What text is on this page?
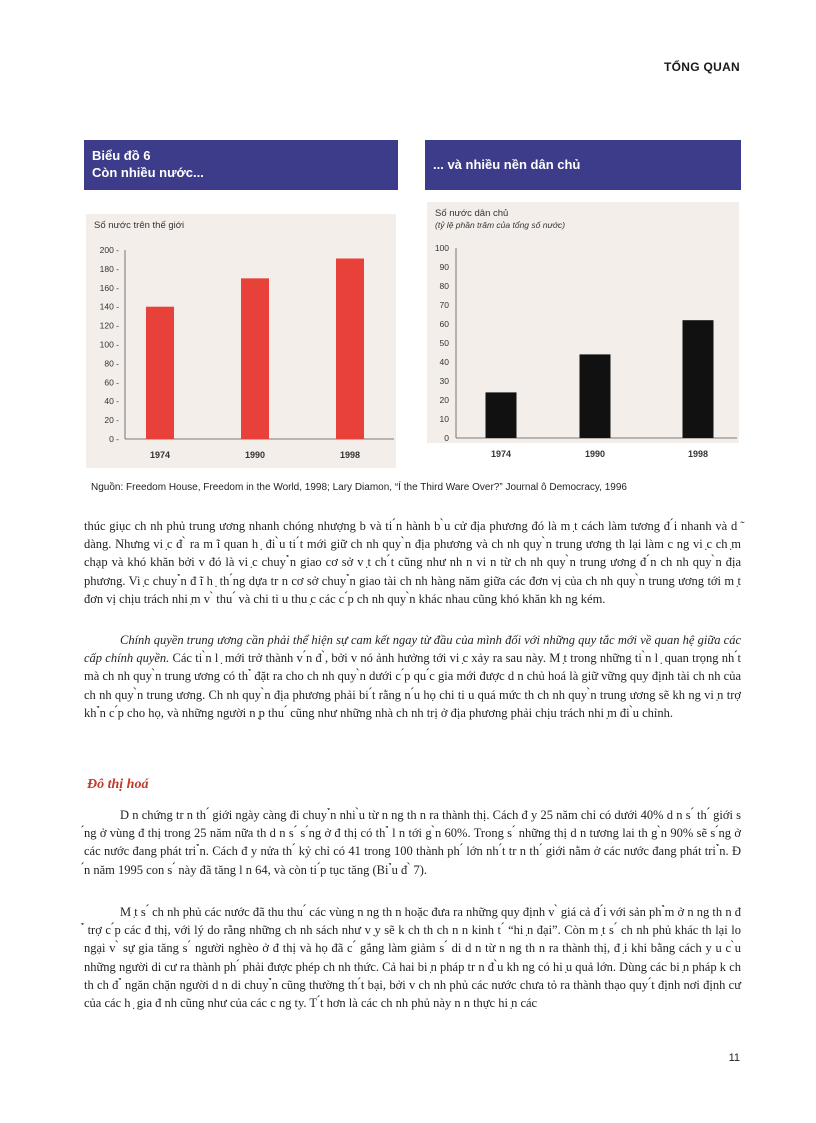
TỔNG QUAN
Biểu đồ 6
Còn nhiều nước...
Số nước trên thế giới
0 -
20 -
40 -
60 -
80 -
100 -
120 -
140 -
160 -
180 -
200 -
1974	1990	1998
... và nhiều nền dân chủ
Số nước dân chủ
(tỷ lệ phần trăm của tổng số nước)
0
10
20
30
40
50
60
70
80
90
100
1974	1990	1998
Nguồn: Freedom House, Freedom in the World, 1998; Lary Diamon, “Í the Third Ware Over?” Journal ô Democracy, 1996

thúc giục ch nh phủ trung ương nhanh chóng nhượng b và ti ́n hành b ̀u cử địa phương đó là m ̣t cách làm tương đ ́i nhanh và d ̃ dàng. Nhưng vi ̣c đ ̀ ra m ̃i quan h ̣ đi ̀u ti ́t mới giữ ch nh quy ̀n địa phương và ch nh quy ̀n trung ương th lại làm c ng vi ̣c ch ̣m chạp và khó khăn bởi v đó là vi ̣c chuy ̉n giao cơ sở v ̣t ch ́t cũng như nh n vi n từ ch nh quy ̀n trung ương đ ́n ch nh quy ̀n địa phương. Vi ̣c chuy ̉n đ ̃i h ̣ th ́ng dựa tr n cơ sở chuy ̉n giao tài ch nh hàng năm giữa các đơn vị của ch nh quy ̀n trung ương tới m ̣t đơn vị chịu trách nhi ̣m v ̀ thu ́ và chi ti u thu ̣c các c ́p ch nh quy ̀n khác nhau cũng khó khăn kh ng kém.

Chính quyền trung ương cần phải thể hiện sự cam kết ngay từ đầu của mình đối với những quy tắc mới về quan hệ giữa các cấp chính quyền. Các ti ̀n l ̣ mới trở thành v ́n đ ̀, bởi v nó ảnh hưởng tới vi ̣c xảy ra sau này. M ̣t trong những ti ̀n l ̣ quan trọng nh ́t mà ch nh quy ̀n trung ương có th ̉ đặt ra cho ch nh quy ̀n dưới c ́p qu ́c gia mới được d n chủ hoá là giữ vững quy định tài ch nh của ch nh quy ̀n trung ương. Ch nh quy ̀n địa phương phải bi ́t rằng n ́u họ chi ti u quá mức th ch nh quy ̀n trung ương sẽ kh ng vi ̣n trợ kh ̉n c ́p cho họ, và những người n ̣p thu ́ cũng như những nhà ch nh trị ở địa phương phải chịu trách nhi ̣m đi ̀u chỉnh.

Đô thị hoá

D n chứng tr n th ́ giới ngày càng đi chuy ̉n nhi ̀u từ n ng th n ra thành thị. Cách đ y 25 năm chỉ có dưới 40% d n s ́ th ́ giới s ́ng ở vùng đ thị trong 25 năm nữa th d n s ́ s ́ng ở đ thị có th ̉ l n tới g ̀n 60%. Trong s ́ những thị d n tương lai th g ̀n 90% sẽ s ́ng ở các nước đang phát tri ̉n. Cách đ y nửa th ́ kỷ chỉ có 41 trong 100 thành ph ́ lớn nh ́t tr n th ́ giới nằm ở các nước đang phát tri ̉n. Đ ́n năm 1995 con s ́ này đã tăng l n 64, và còn ti ́p tục tăng (Bi ̉u đ ̀ 7).

M ̣t s ́ ch nh phủ các nước đã thu thu ́ các vùng n ng th n hoặc đưa ra những quy định v ̀ giá cả đ ́i với sản ph ̉m ở n ng th n đ ̉ trợ c ́p các đ thị, với lý do rằng những ch nh sách như v ̣y sẽ k ch th ch n n kinh t ́ “hi ̣n đại”. Còn m ̣t s ́ ch nh phủ khác th lại lo ngại v ̀ sự gia tăng s ́ người nghèo ở đ thị và họ đã c ́ gắng làm giảm s ́ di d n từ n ng th n ra thành thị, đ ̣i khi bằng cách y u c ̀u những người di cư ra thành ph ́ phải được phép ch nh thức. Cả hai bi ̣n pháp tr n đ ̀u kh ng có hi ̣u quả lớn. Dùng các bi ̣n pháp k ch th ch đ ̉ ngăn chặn người d n di chuy ̉n cũng thường th ́t bại, bởi v ch nh phủ các nước chưa tỏ ra thành thạo quy ́t định nơi định cư của các h ̣ gia đ nh cũng như của các c ng ty. T ́t hơn là các ch nh phủ này n n thực hi ̣n các

11
